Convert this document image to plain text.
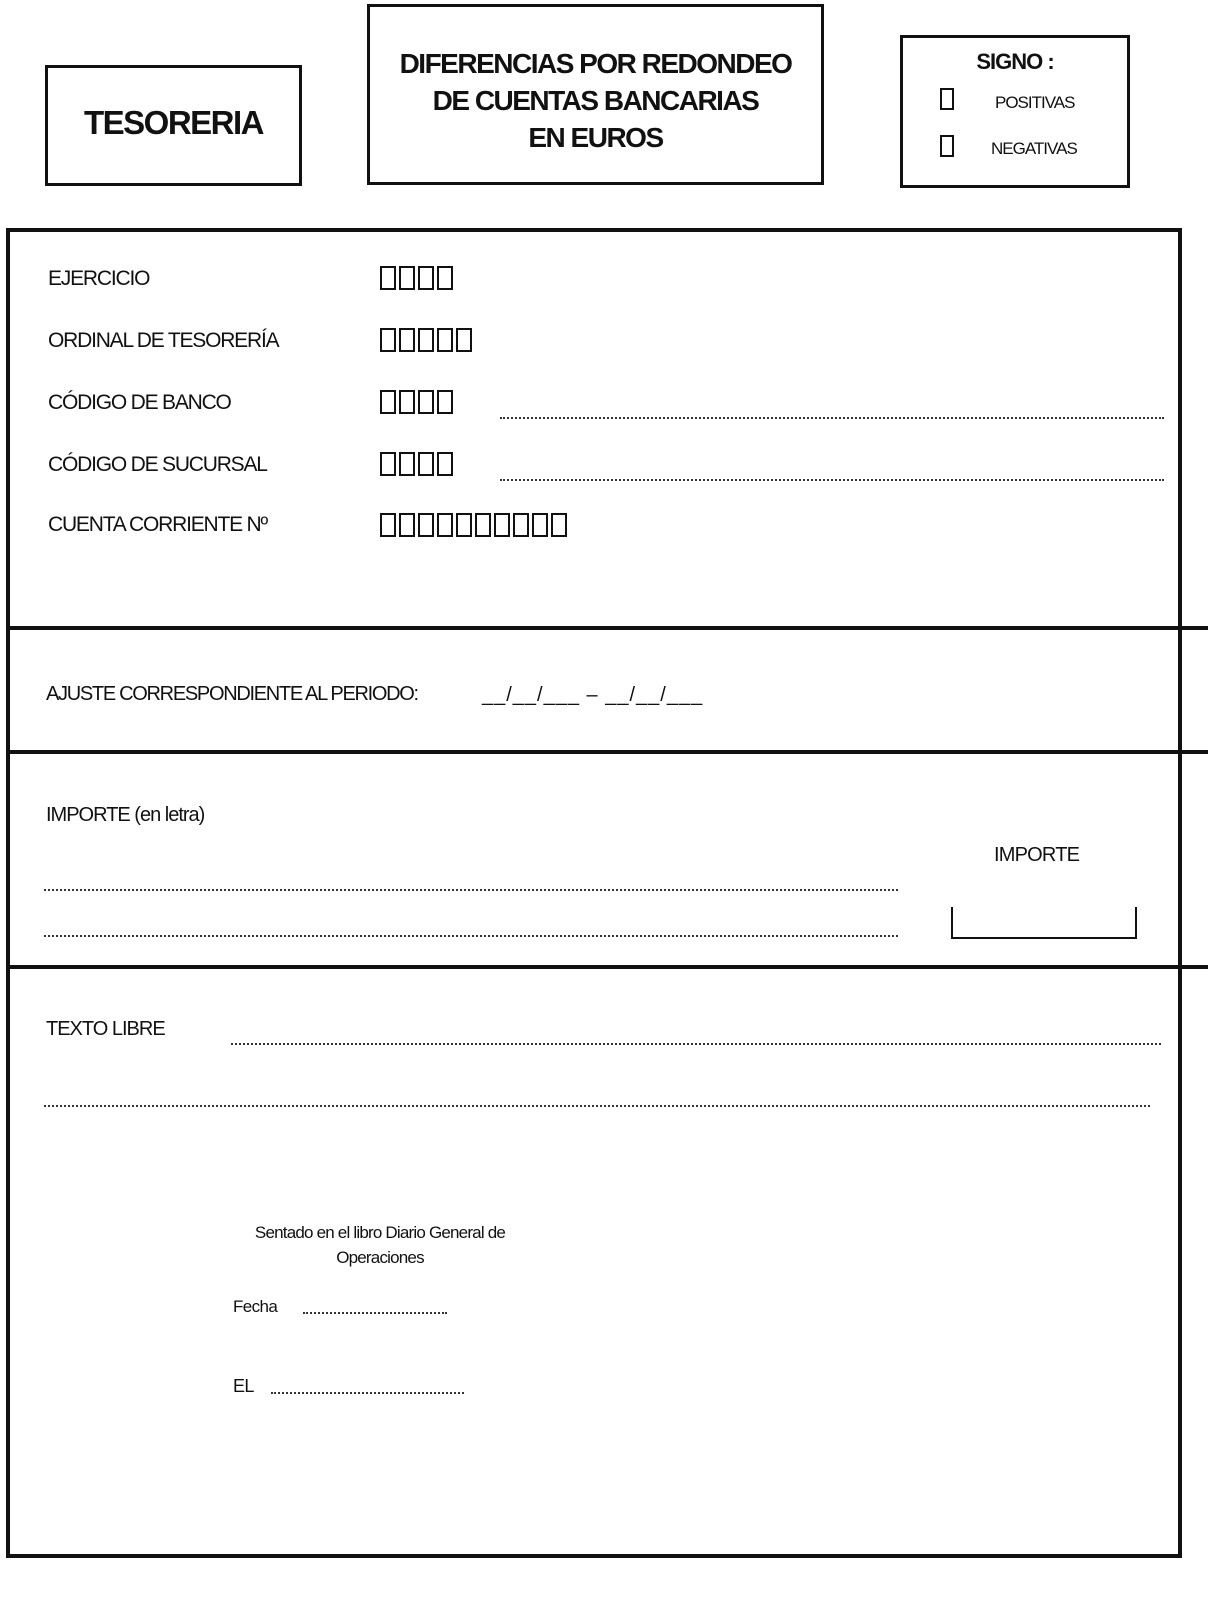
TESORERIA
DIFERENCIAS POR REDONDEO
DE CUENTAS BANCARIAS
EN EUROS
SIGNO :
POSITIVAS
NEGATIVAS
EJERCICIO
ORDINAL DE TESORERÍA
CÓDIGO DE BANCO
CÓDIGO DE SUCURSAL
CUENTA CORRIENTE Nº
AJUSTE CORRESPONDIENTE AL PERIODO:	__/__/___ – __/__/___
IMPORTE (en letra)
IMPORTE
TEXTO LIBRE
Sentado en el libro Diario General de
Operaciones
Fecha
EL
